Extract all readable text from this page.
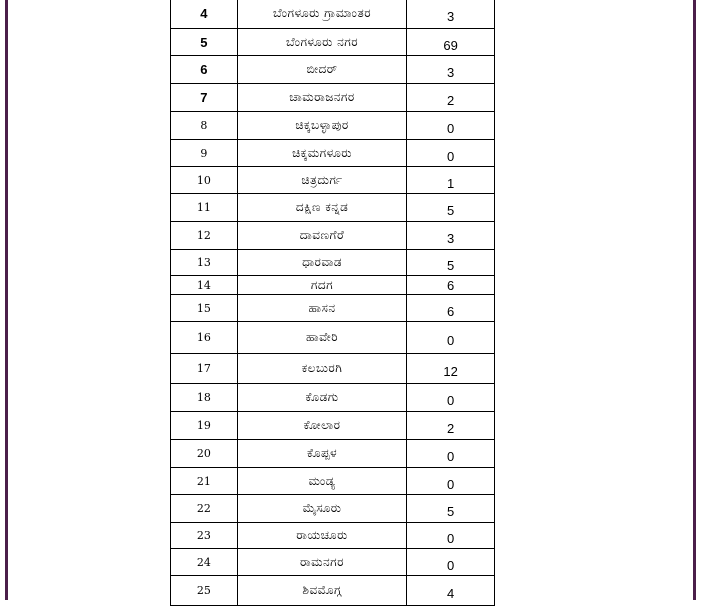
4	ಬೆಂಗಳೂರು ಗ್ರಾಮಾಂತರ	3
5	ಬೆಂಗಳೂರು ನಗರ	69
6	ಬೀದರ್	3
7	ಚಾಮರಾಜನಗರ	2
8	ಚಿಕ್ಕಬಳ್ಳಾಪುರ	0
9	ಚಿಕ್ಕಮಗಳೂರು	0
10	ಚಿತ್ರದುರ್ಗ	1
11	ದಕ್ಷಿಣ ಕನ್ನಡ	5
12	ದಾವಣಗೆರೆ	3
13	ಧಾರವಾಡ	5
14	ಗದಗ	6
15	ಹಾಸನ	6
16	ಹಾವೇರಿ	0
17	ಕಲಬುರಗಿ	12
18	ಕೊಡಗು	0
19	ಕೋಲಾರ	2
20	ಕೊಪ್ಪಳ	0
21	ಮಂಡ್ಯ	0
22	ಮೈಸೂರು	5
23	ರಾಯಚೂರು	0
24	ರಾಮನಗರ	0
25	ಶಿವಮೊಗ್ಗ	4
